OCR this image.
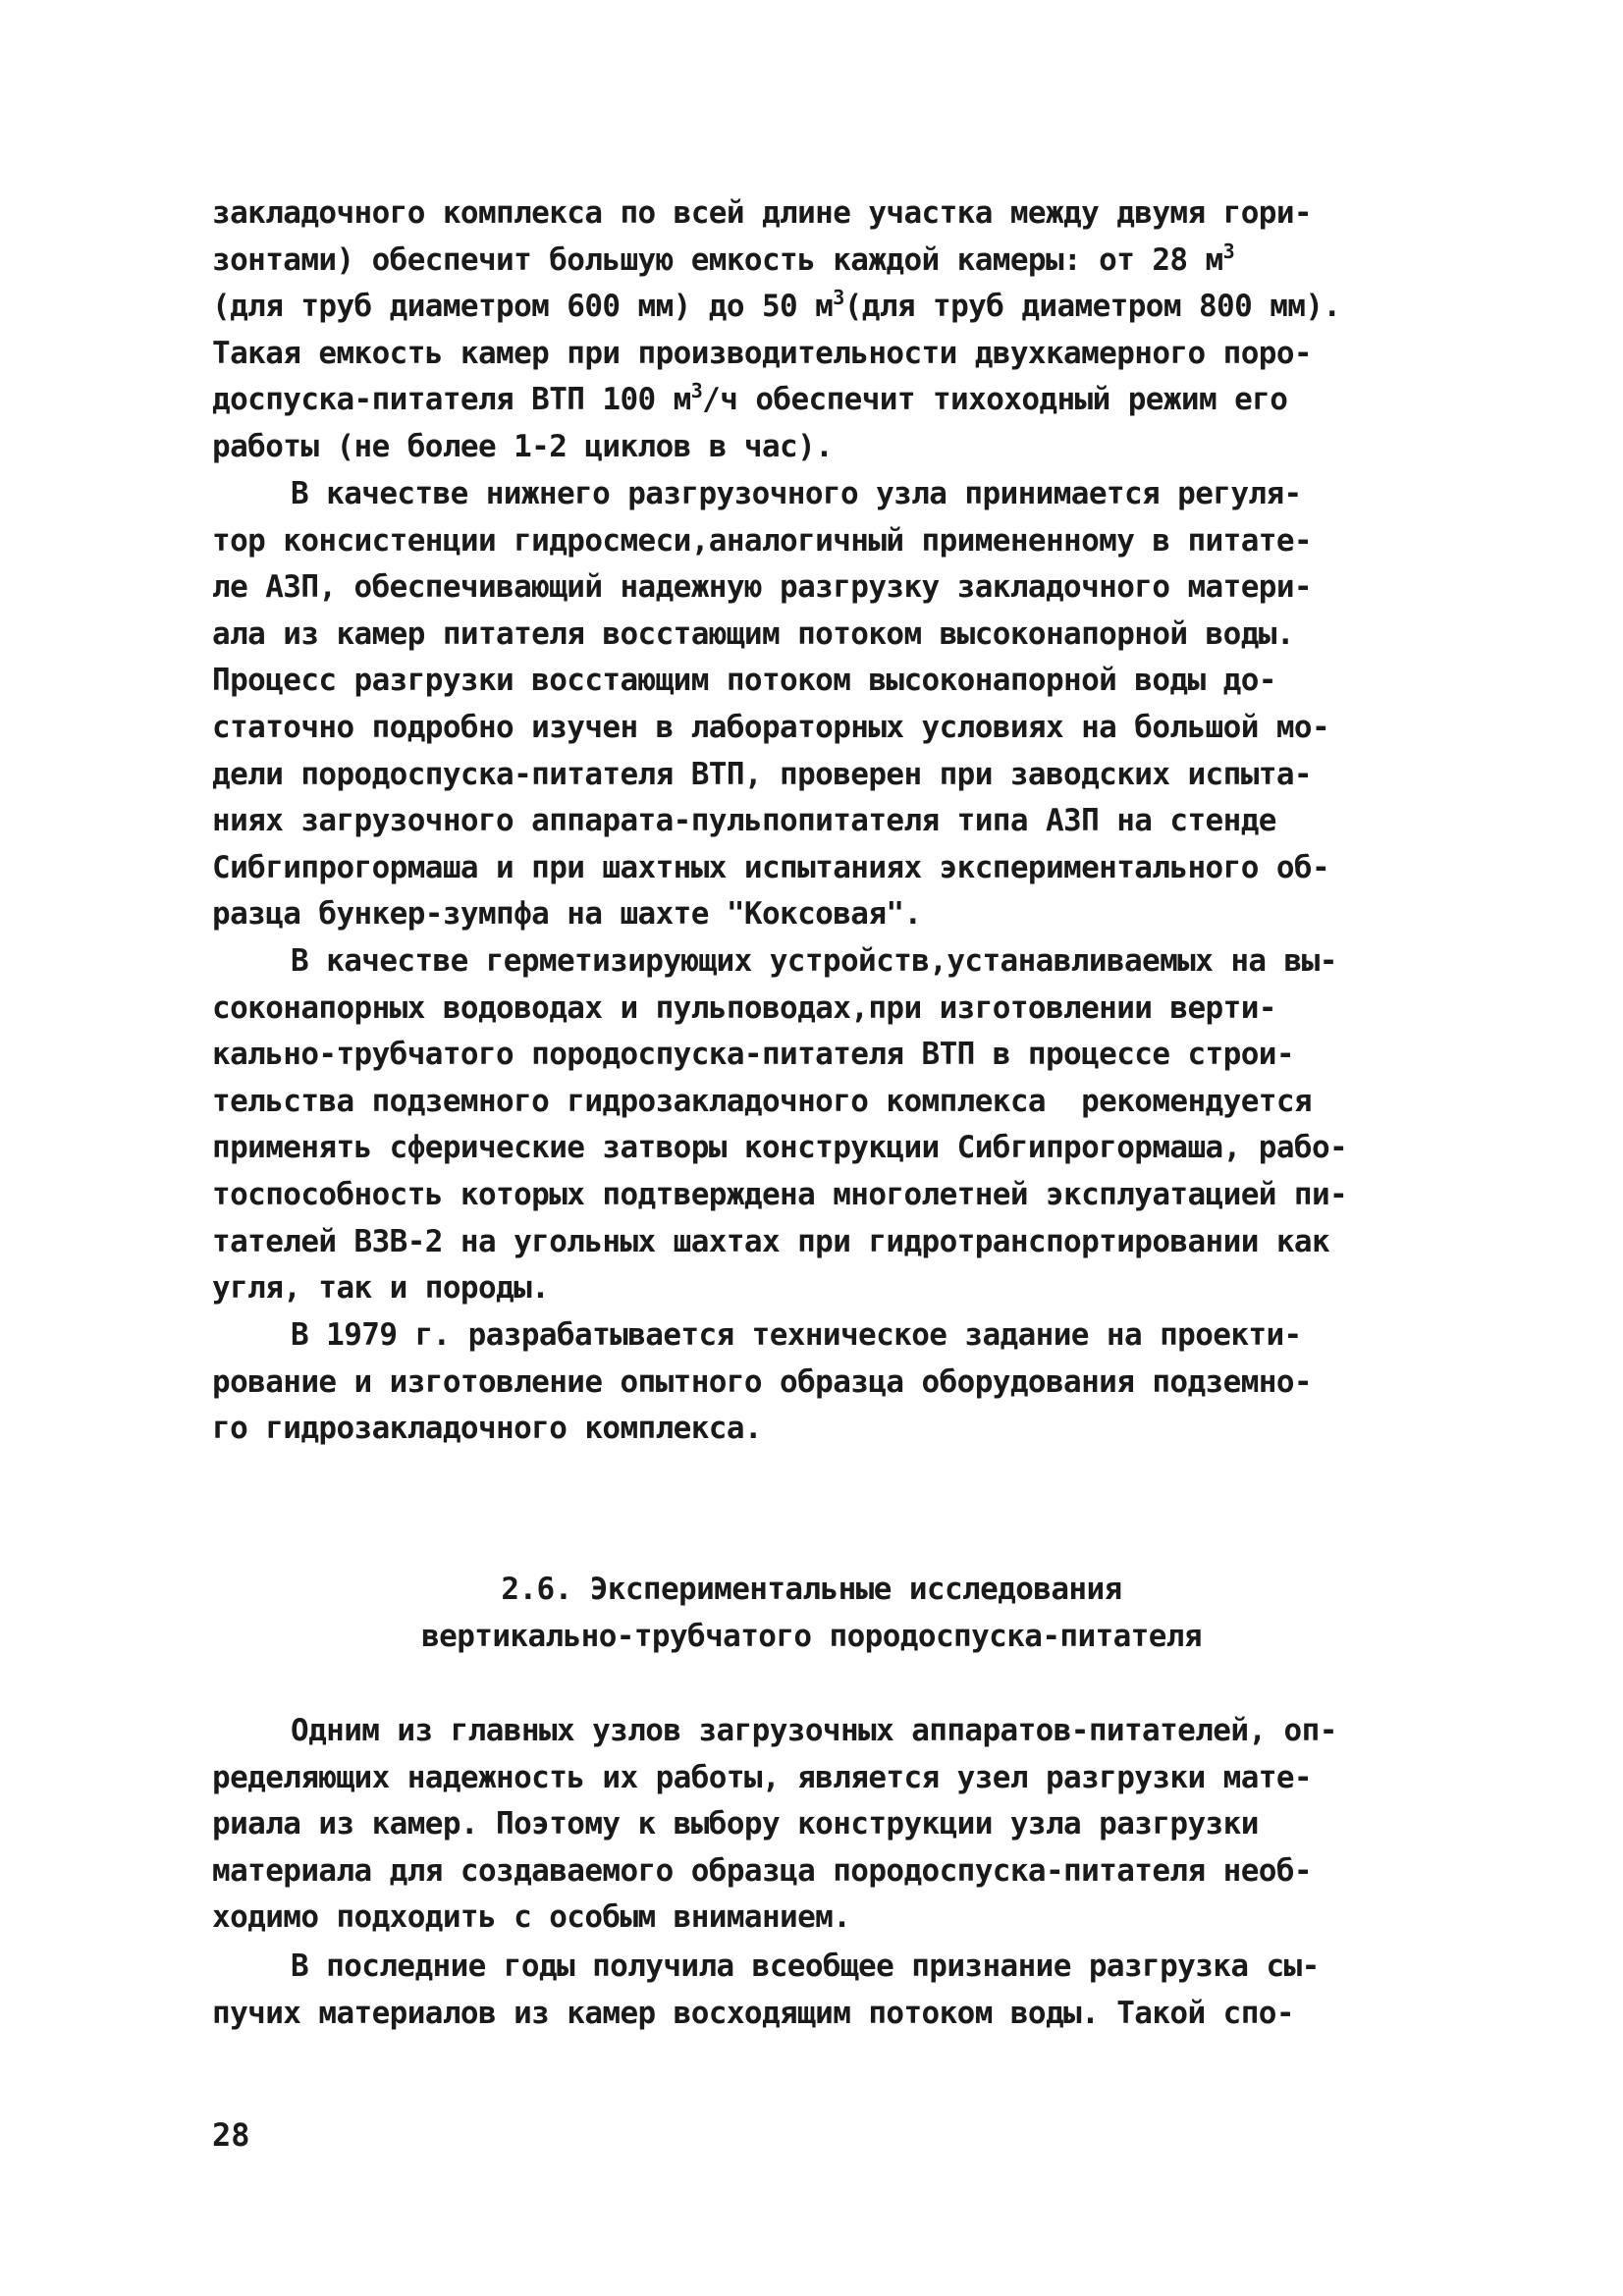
закладочного комплекса по всей длине участка между двумя гори-
зонтами) обеспечит большую емкость каждой камеры: от 28 $м^3$
(для труб диаметром 600 мм) до 50 $м^3(для$ труб диаметром 800 мм).
Такая емкость камер при производительности двухкамерного поро-
доспуска-питателя ВТП 100 $м^3/ч$ обеспечит тихоходный режим его
работы (не более 1-2 циклов в час).
В качестве нижнего разгрузочного узла принимается регуля-
тор консистенции гидросмеси,аналогичный примененному в питате-
ле АЗП, обеспечивающий надежную разгрузку закладочного матери-
ала из камер питателя восстающим потоком высоконапорной воды.
Процесс разгрузки восстающим потоком высоконапорной воды до-
статочно подробно изучен в лабораторных условиях на большой мо-
дели породоспуска-питателя ВТП, проверен при заводских испыта-
ниях загрузочного аппарата-пульпопитателя типа АЗП на стенде
Сибгипрогормаша и при шахтных испытаниях экспериментального об-
разца бункер-зумпфа на шахте "Коксовая".
В качестве герметизирующих устройств,устанавливаемых на вы-
соконапорных водоводах и пульповодах,при изготовлении верти-
кально-трубчатого породоспуска-питателя ВТП в процессе строи-
тельства подземного гидрозакладочного комплекса  рекомендуется
применять сферические затворы конструкции Сибгипрогормаша, рабо-
тоспособность которых подтверждена многолетней эксплуатацией пи-
тателей ВЗВ-2 на угольных шахтах при гидротранспортировании как
угля, так и породы.
В 1979 г. разрабатывается техническое задание на проекти-
рование и изготовление опытного образца оборудования подземно-
го гидрозакладочного комплекса.
2.6. Экспериментальные исследования
вертикально-трубчатого породоспуска-питателя
Одним из главных узлов загрузочных аппаратов-питателей, оп-
ределяющих надежность их работы, является узел разгрузки мате-
риала из камер. Поэтому к выбору конструкции узла разгрузки
материала для создаваемого образца породоспуска-питателя необ-
ходимо подходить с особым вниманием.
В последние годы получила всеобщее признание разгрузка сы-
пучих материалов из камер восходящим потоком воды. Такой спо-
28
